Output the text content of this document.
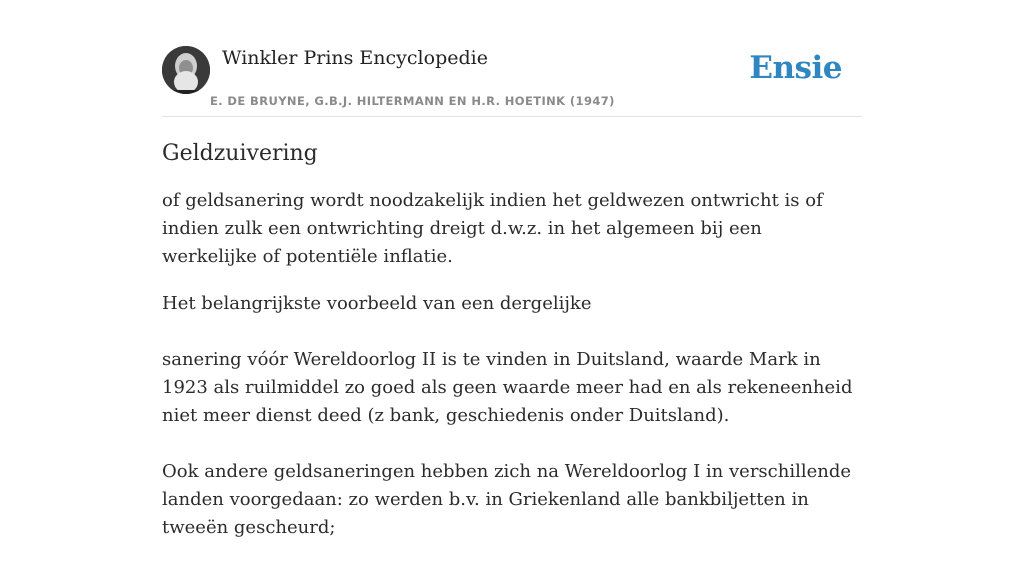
Winkler Prins Encyclopedie
E. DE BRUYNE, G.B.J. HILTERMANN EN H.R. HOETINK (1947)
Ensie
Geldzuivering

of geldsanering wordt noodzakelijk indien het geldwezen ontwricht is of indien zulk een ontwrichting dreigt d.w.z. in het algemeen bij een werkelijke of potentiële inflatie.

Het belangrijkste voorbeeld van een dergelijke

sanering vóór Wereldoorlog II is te vinden in Duitsland, waarde Mark in 1923 als ruilmiddel zo goed als geen waarde meer had en als rekeneenheid niet meer dienst deed (z bank, geschiedenis onder Duitsland).

Ook andere geldsaneringen hebben zich na Wereldoorlog I in verschillende landen voorgedaan: zo werden b.v. in Griekenland alle bankbiljetten in tweeën gescheurd;
